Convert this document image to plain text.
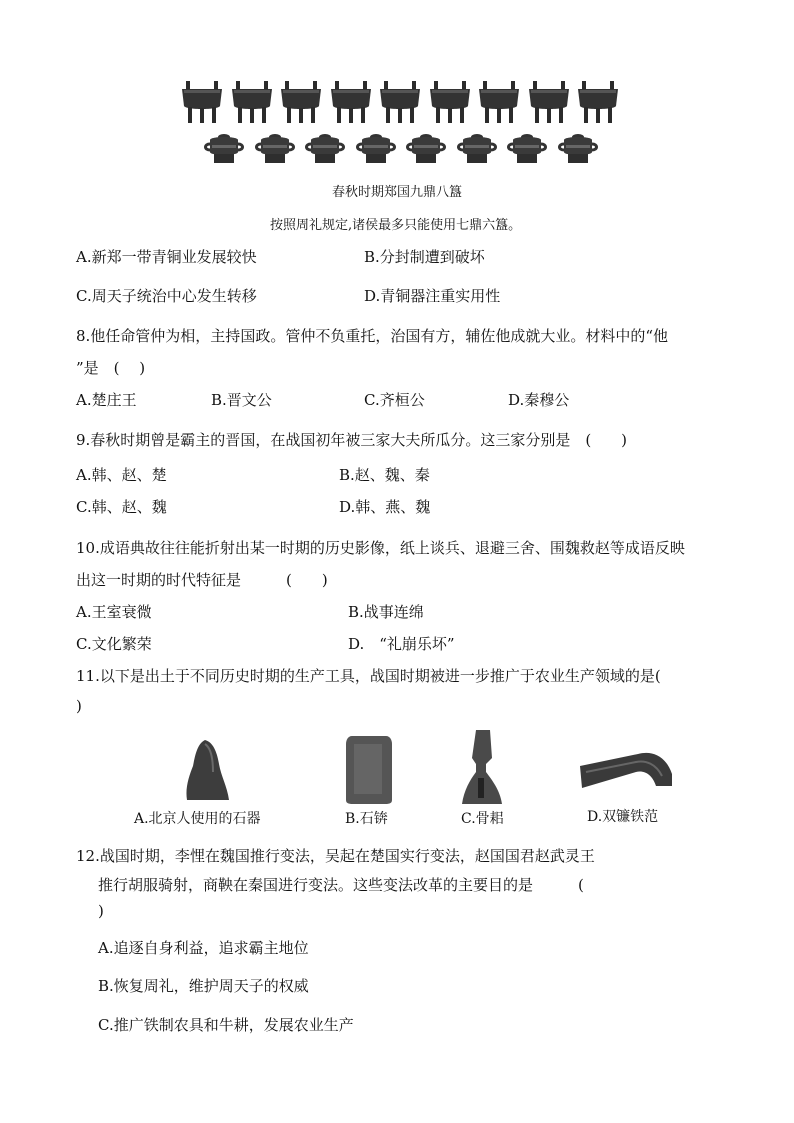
春秋时期郑国九鼎八簋
按照周礼规定,诸侯最多只能使用七鼎六簋。
A.新郑一带青铜业发展较快	B.分封制遭到破坏
C.周天子统治中心发生转移	D.青铜器注重实用性
8.他任命管仲为相，主持国政。管仲不负重托，治国有方，辅佐他成就大业。材料中的“他
”是　(　 )
A.楚庄王	B.晋文公	C.齐桓公	D.秦穆公
9.春秋时期曾是霸主的晋国，在战国初年被三家大夫所瓜分。这三家分别是　(　　)
A.韩、赵、楚	B.赵、魏、秦
C.韩、赵、魏	D.韩、燕、魏
10.成语典故往往能折射出某一时期的历史影像，纸上谈兵、退避三舍、围魏救赵等成语反映
出这一时期的时代特征是　　　(　　)
A.王室衰微	B.战事连绵
C.文化繁荣	D.　“礼崩乐坏”
11.以下是出土于不同历史时期的生产工具，战国时期被进一步推广于农业生产领域的是(
)
A.北京人使用的石器	B.石锛	C.骨耜	D.双镰铁范
12.战国时期，李悝在魏国推行变法，吴起在楚国实行变法，赵国国君赵武灵王
推行胡服骑射，商鞅在秦国进行变法。这些变法改革的主要目的是　　　(
)
A.追逐自身利益，追求霸主地位
B.恢复周礼，维护周天子的权威
C.推广铁制农具和牛耕，发展农业生产
